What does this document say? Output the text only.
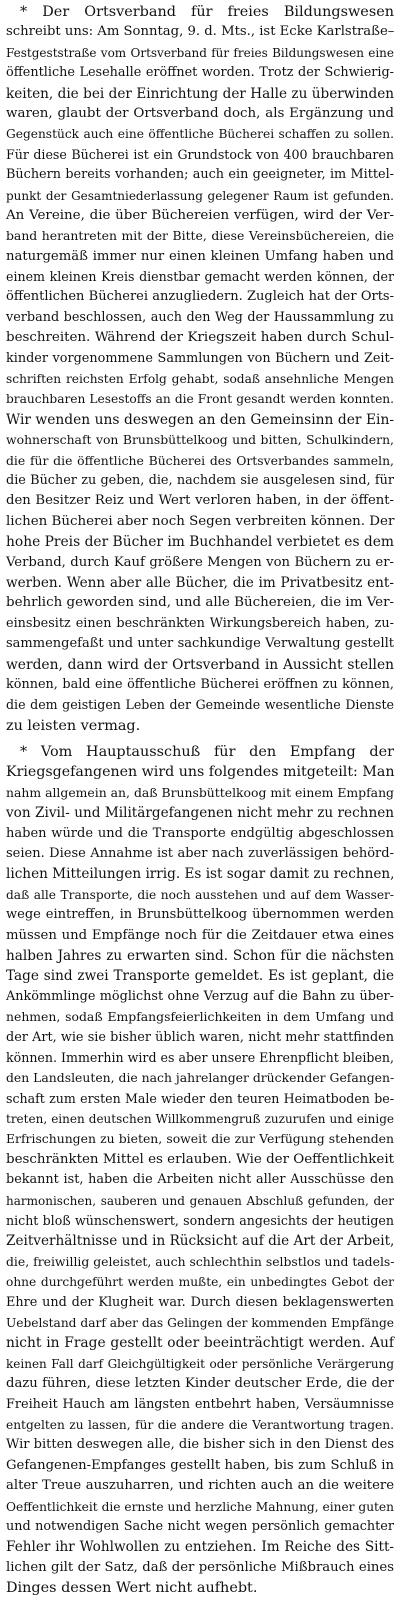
* Der Ortsverband für freies Bildungswesen
schreibt uns: Am Sonntag, 9. d. Mts., ist Ecke Karlstraße–
Festgeststraße vom Ortsverband für freies Bildungswesen eine
öffentliche Lesehalle eröffnet worden. Trotz der Schwierig-
keiten, die bei der Einrichtung der Halle zu überwinden
waren, glaubt der Ortsverband doch, als Ergänzung und
Gegenstück auch eine öffentliche Bücherei schaffen zu sollen.
Für diese Bücherei ist ein Grundstock von 400 brauchbaren
Büchern bereits vorhanden; auch ein geeigneter, im Mittel-
punkt der Gesamtniederlassung gelegener Raum ist gefunden.
An Vereine, die über Büchereien verfügen, wird der Ver-
band herantreten mit der Bitte, diese Vereinsbüchereien, die
naturgemäß immer nur einen kleinen Umfang haben und
einem kleinen Kreis dienstbar gemacht werden können, der
öffentlichen Bücherei anzugliedern. Zugleich hat der Orts-
verband beschlossen, auch den Weg der Haussammlung zu
beschreiten. Während der Kriegszeit haben durch Schul-
kinder vorgenommene Sammlungen von Büchern und Zeit-
schriften reichsten Erfolg gehabt, sodaß ansehnliche Mengen
brauchbaren Lesestoffs an die Front gesandt werden konnten.
Wir wenden uns deswegen an den Gemeinsinn der Ein-
wohnerschaft von Brunsbüttelkoog und bitten, Schulkindern,
die für die öffentliche Bücherei des Ortsverbandes sammeln,
die Bücher zu geben, die, nachdem sie ausgelesen sind, für
den Besitzer Reiz und Wert verloren haben, in der öffent-
lichen Bücherei aber noch Segen verbreiten können. Der
hohe Preis der Bücher im Buchhandel verbietet es dem
Verband, durch Kauf größere Mengen von Büchern zu er-
werben. Wenn aber alle Bücher, die im Privatbesitz ent-
behrlich geworden sind, und alle Büchereien, die im Ver-
einsbesitz einen beschränkten Wirkungsbereich haben, zu-
sammengefaßt und unter sachkundige Verwaltung gestellt
werden, dann wird der Ortsverband in Aussicht stellen
können, bald eine öffentliche Bücherei eröffnen zu können,
die dem geistigen Leben der Gemeinde wesentliche Dienste
zu leisten vermag.
* Vom Hauptausschuß für den Empfang der
Kriegsgefangenen wird uns folgendes mitgeteilt: Man
nahm allgemein an, daß Brunsbüttelkoog mit einem Empfang
von Zivil- und Militärgefangenen nicht mehr zu rechnen
haben würde und die Transporte endgültig abgeschlossen
seien. Diese Annahme ist aber nach zuverlässigen behörd-
lichen Mitteilungen irrig. Es ist sogar damit zu rechnen,
daß alle Transporte, die noch ausstehen und auf dem Wasser-
wege eintreffen, in Brunsbüttelkoog übernommen werden
müssen und Empfänge noch für die Zeitdauer etwa eines
halben Jahres zu erwarten sind. Schon für die nächsten
Tage sind zwei Transporte gemeldet. Es ist geplant, die
Ankömmlinge möglichst ohne Verzug auf die Bahn zu über-
nehmen, sodaß Empfangsfeierlichkeiten in dem Umfang und
der Art, wie sie bisher üblich waren, nicht mehr stattfinden
können. Immerhin wird es aber unsere Ehrenpflicht bleiben,
den Landsleuten, die nach jahrelanger drückender Gefangen-
schaft zum ersten Male wieder den teuren Heimatboden be-
treten, einen deutschen Willkommengruß zuzurufen und einige
Erfrischungen zu bieten, soweit die zur Verfügung stehenden
beschränkten Mittel es erlauben. Wie der Oeffentlichkeit
bekannt ist, haben die Arbeiten nicht aller Ausschüsse den
harmonischen, sauberen und genauen Abschluß gefunden, der
nicht bloß wünschenswert, sondern angesichts der heutigen
Zeitverhältnisse und in Rücksicht auf die Art der Arbeit,
die, freiwillig geleistet, auch schlechthin selbstlos und tadels-
ohne durchgeführt werden mußte, ein unbedingtes Gebot der
Ehre und der Klugheit war. Durch diesen beklagenswerten
Uebelstand darf aber das Gelingen der kommenden Empfänge
nicht in Frage gestellt oder beeinträchtigt werden. Auf
keinen Fall darf Gleichgültigkeit oder persönliche Verärgerung
dazu führen, diese letzten Kinder deutscher Erde, die der
Freiheit Hauch am längsten entbehrt haben, Versäumnisse
entgelten zu lassen, für die andere die Verantwortung tragen.
Wir bitten deswegen alle, die bisher sich in den Dienst des
Gefangenen-Empfanges gestellt haben, bis zum Schluß in
alter Treue auszuharren, und richten auch an die weitere
Oeffentlichkeit die ernste und herzliche Mahnung, einer guten
und notwendigen Sache nicht wegen persönlich gemachter
Fehler ihr Wohlwollen zu entziehen. Im Reiche des Sitt-
lichen gilt der Satz, daß der persönliche Mißbrauch eines
Dinges dessen Wert nicht aufhebt.
